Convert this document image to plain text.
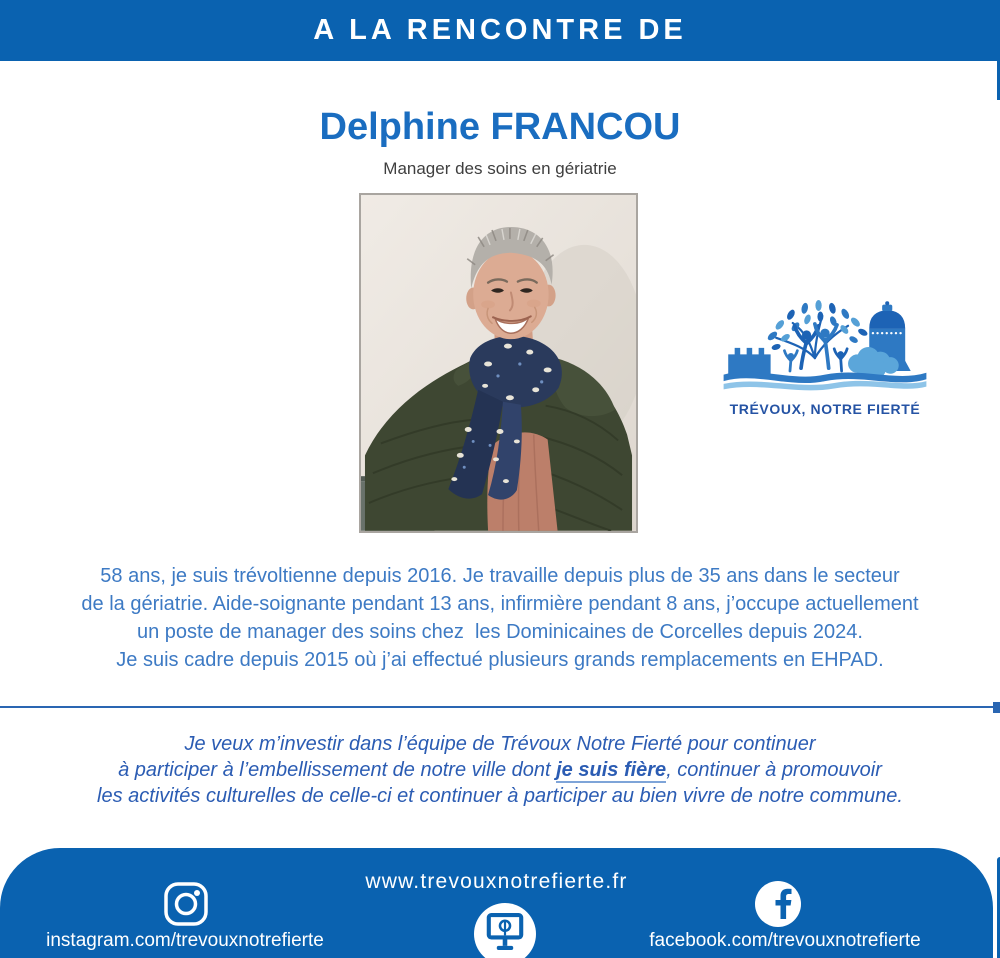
A LA RENCONTRE DE
Delphine FRANCOU
Manager des soins en gériatrie
TRÉVOUX, NOTRE FIERTÉ
58 ans, je suis trévoltienne depuis 2016. Je travaille depuis plus de 35 ans dans le secteur
de la gériatrie. Aide-soignante pendant 13 ans, infirmière pendant 8 ans, j’occupe actuellement
un poste de manager des soins chez  les Dominicaines de Corcelles depuis 2024.
Je suis cadre depuis 2015 où j’ai effectué plusieurs grands remplacements en EHPAD.
Je veux m’investir dans l’équipe de Trévoux Notre Fierté pour continuer
à participer à l’embellissement de notre ville dont je suis fière, continuer à promouvoir
les activités culturelles de celle-ci et continuer à participer au bien vivre de notre commune.
www.trevouxnotrefierte.fr
instagram.com/trevouxnotrefierte	facebook.com/trevouxnotrefierte
